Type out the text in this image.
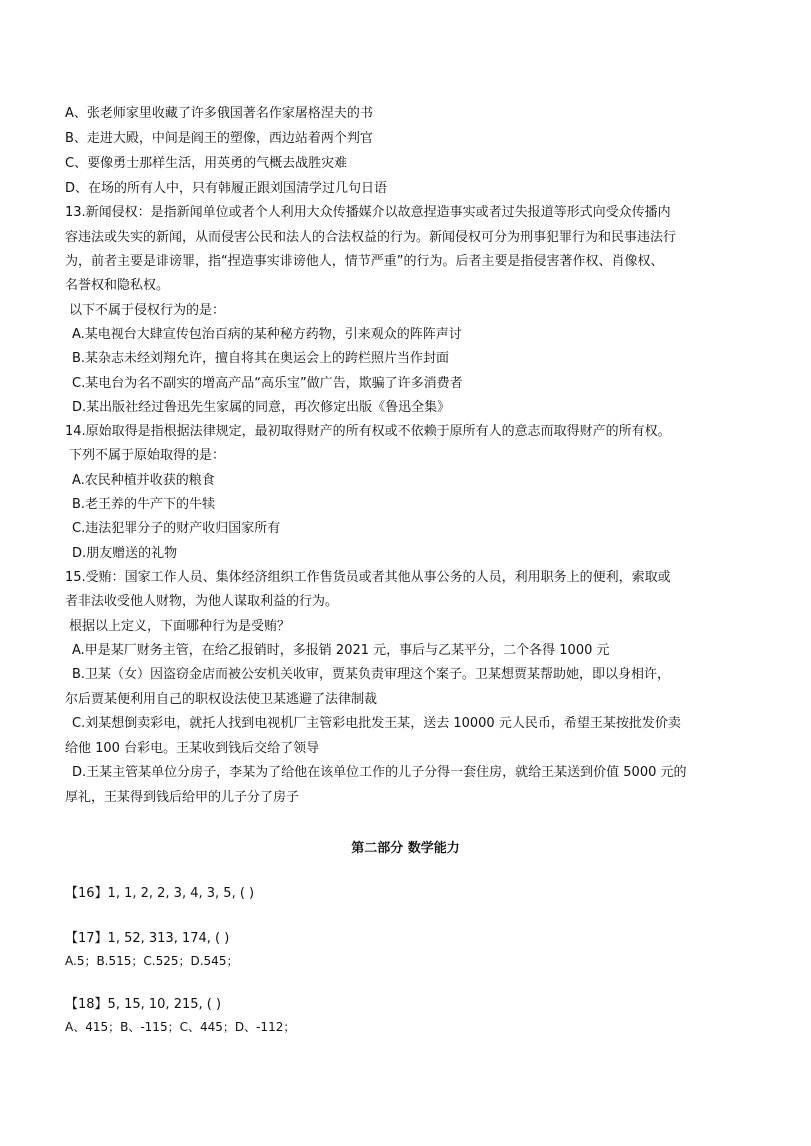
A、张老师家里收藏了许多俄国著名作家屠格涅夫的书
B、走进大殿，中间是阎王的塑像，西边站着两个判官
C、要像勇士那样生活，用英勇的气概去战胜灾难
D、在场的所有人中，只有韩履正跟刘国清学过几句日语
13.新闻侵权：是指新闻单位或者个人利用大众传播媒介以故意捏造事实或者过失报道等形式向受众传播内
容违法或失实的新闻，从而侵害公民和法人的合法权益的行为。新闻侵权可分为刑事犯罪行为和民事违法行
为，前者主要是诽谤罪，指“捏造事实诽谤他人，情节严重”的行为。后者主要是指侵害著作权、肖像权、
名誉权和隐私权。
以下不属于侵权行为的是：
A.某电视台大肆宣传包治百病的某种秘方药物，引来观众的阵阵声讨
B.某杂志未经刘翔允许，擅自将其在奥运会上的跨栏照片当作封面
C.某电台为名不副实的增高产品“高乐宝”做广告，欺骗了许多消费者
D.某出版社经过鲁迅先生家属的同意，再次修定出版《鲁迅全集》
14.原始取得是指根据法律规定，最初取得财产的所有权或不依赖于原所有人的意志而取得财产的所有权。
下列不属于原始取得的是：
A.农民种植并收获的粮食
B.老王养的牛产下的牛犊
C.违法犯罪分子的财产收归国家所有
D.朋友赠送的礼物
15.受贿：国家工作人员、集体经济组织工作售货员或者其他从事公务的人员，利用职务上的便利，索取或
者非法收受他人财物，为他人谋取利益的行为。
根据以上定义，下面哪种行为是受贿？
A.甲是某厂财务主管，在给乙报销时，多报销 2021 元，事后与乙某平分，二个各得 1000 元
B.卫某（女）因盗窃金店而被公安机关收审，贾某负责审理这个案子。卫某想贾某帮助她，即以身相许，
尔后贾某便利用自己的职权设法使卫某逃避了法律制裁
C.刘某想倒卖彩电，就托人找到电视机厂主管彩电批发王某，送去 10000 元人民币，希望王某按批发价卖
给他 100 台彩电。王某收到钱后交给了领导
D.王某主管某单位分房子，李某为了给他在该单位工作的儿子分得一套住房，就给王某送到价值 5000 元的
厚礼，王某得到钱后给甲的儿子分了房子
第二部分 数学能力
【16】1, 1, 2, 2, 3, 4, 3, 5, ( )
【17】1, 52, 313, 174, ( )
A.5；B.515；C.525；D.545；
【18】5, 15, 10, 215, ( )
A、415；B、-115；C、445；D、-112；
